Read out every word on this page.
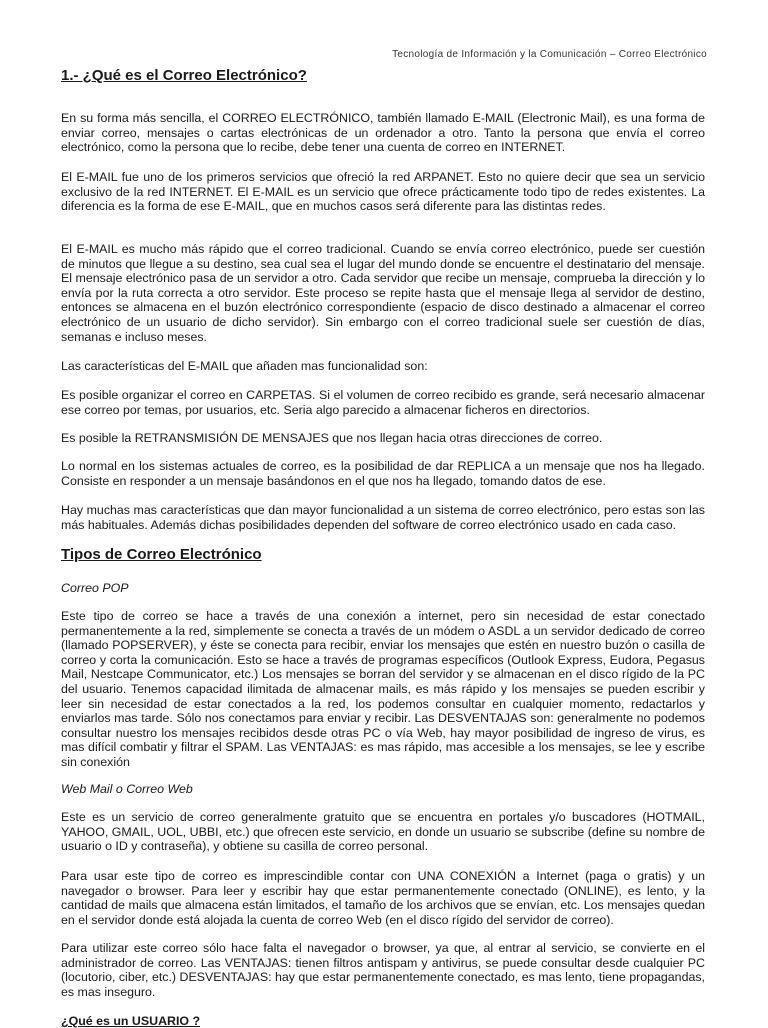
Tecnología de Información y la Comunicación – Correo Electrónico
1.- ¿Qué es el Correo Electrónico?

En su forma más sencilla, el CORREO ELECTRÓNICO, también llamado E-MAIL (Electronic Mail), es una forma de enviar correo, mensajes o cartas electrónicas de un ordenador a otro. Tanto la persona que envía el correo electrónico, como la persona que lo recibe, debe tener una cuenta de correo en INTERNET.

El E-MAIL fue uno de los primeros servicios que ofreció la red ARPANET. Esto no quiere decir que sea un servicio exclusivo de la red INTERNET. El E-MAIL es un servicio que ofrece prácticamente todo tipo de redes existentes. La diferencia es la forma de ese E-MAIL, que en muchos casos será diferente para las distintas redes.

El E-MAIL es mucho más rápido que el correo tradicional. Cuando se envía correo electrónico, puede ser cuestión de minutos que llegue a su destino, sea cual sea el lugar del mundo donde se encuentre el destinatario del mensaje. El mensaje electrónico pasa de un servidor a otro. Cada servidor que recibe un mensaje, comprueba la dirección y lo envía por la ruta correcta a otro servidor. Este proceso se repite hasta que el mensaje llega al servidor de destino, entonces se almacena en el buzón electrónico correspondiente (espacio de disco destinado a almacenar el correo electrónico de un usuario de dicho servidor). Sin embargo con el correo tradicional suele ser cuestión de días, semanas e incluso meses.

Las características del E-MAIL que añaden mas funcionalidad son:

Es posible organizar el correo en CARPETAS. Si el volumen de correo recibido es grande, será necesario almacenar ese correo por temas, por usuarios, etc. Seria algo parecido a almacenar ficheros en directorios.

Es posible la RETRANSMISIÓN DE MENSAJES que nos llegan hacia otras direcciones de correo.

Lo normal en los sistemas actuales de correo, es la posibilidad de dar REPLICA a un mensaje que nos ha llegado. Consiste en responder a un mensaje basándonos en el que nos ha llegado, tomando datos de ese.

Hay muchas mas características que dan mayor funcionalidad a un sistema de correo electrónico, pero estas son las más habituales. Además dichas posibilidades dependen del software de correo electrónico usado en cada caso.

Tipos de Correo Electrónico

Correo POP

Este tipo de correo se hace a través de una conexión a internet, pero sin necesidad de estar conectado permanentemente a la red, simplemente se conecta a través de un módem o ASDL a un servidor dedicado de correo (llamado POPSERVER), y éste se conecta para recibir, enviar los mensajes que estén en nuestro buzón o casilla de correo y corta la comunicación. Esto se hace a través de programas específicos (Outlook Express, Eudora, Pegasus Mail, Nestcape Communicator, etc.) Los mensajes se borran del servidor y se almacenan en el disco rígido de la PC del usuario. Tenemos capacidad ilimitada de almacenar mails, es más rápido y los mensajes se pueden escribir y leer sin necesidad de estar conectados a la red, los podemos consultar en cualquier momento, redactarlos y enviarlos mas tarde. Sólo nos conectamos para enviar y recibir. Las DESVENTAJAS son: generalmente no podemos consultar nuestro los mensajes recibidos desde otras PC o vía Web, hay mayor posibilidad de ingreso de virus, es mas difícil combatir y filtrar el SPAM. Las VENTAJAS: es mas rápido, mas accesible a los mensajes, se lee y escribe sin conexión

Web Mail o Correo Web

Este es un servicio de correo generalmente gratuito que se encuentra en portales y/o buscadores (HOTMAIL, YAHOO, GMAIL, UOL, UBBI, etc.) que ofrecen este servicio, en donde un usuario se subscribe (define su nombre de usuario o ID y contraseña), y obtiene su casilla de correo personal.

Para usar este tipo de correo es imprescindible contar con UNA CONEXIÓN a Internet (paga o gratis) y un navegador o browser. Para leer y escribir hay que estar permanentemente conectado (ONLINE), es lento, y la cantidad de mails que almacena están limitados, el tamaño de los archivos que se envían, etc. Los mensajes quedan en el servidor donde está alojada la cuenta de correo Web (en el disco rígido del servidor de correo).

Para utilizar este correo sólo hace falta el navegador o browser, ya que, al entrar al servicio, se convierte en el administrador de correo. Las VENTAJAS: tienen filtros antispam y antivirus, se puede consultar desde cualquier PC (locutorio, ciber, etc.) DESVENTAJAS: hay que estar permanentemente conectado, es mas lento, tiene propagandas, es mas inseguro.

¿Qué es un USUARIO ?
